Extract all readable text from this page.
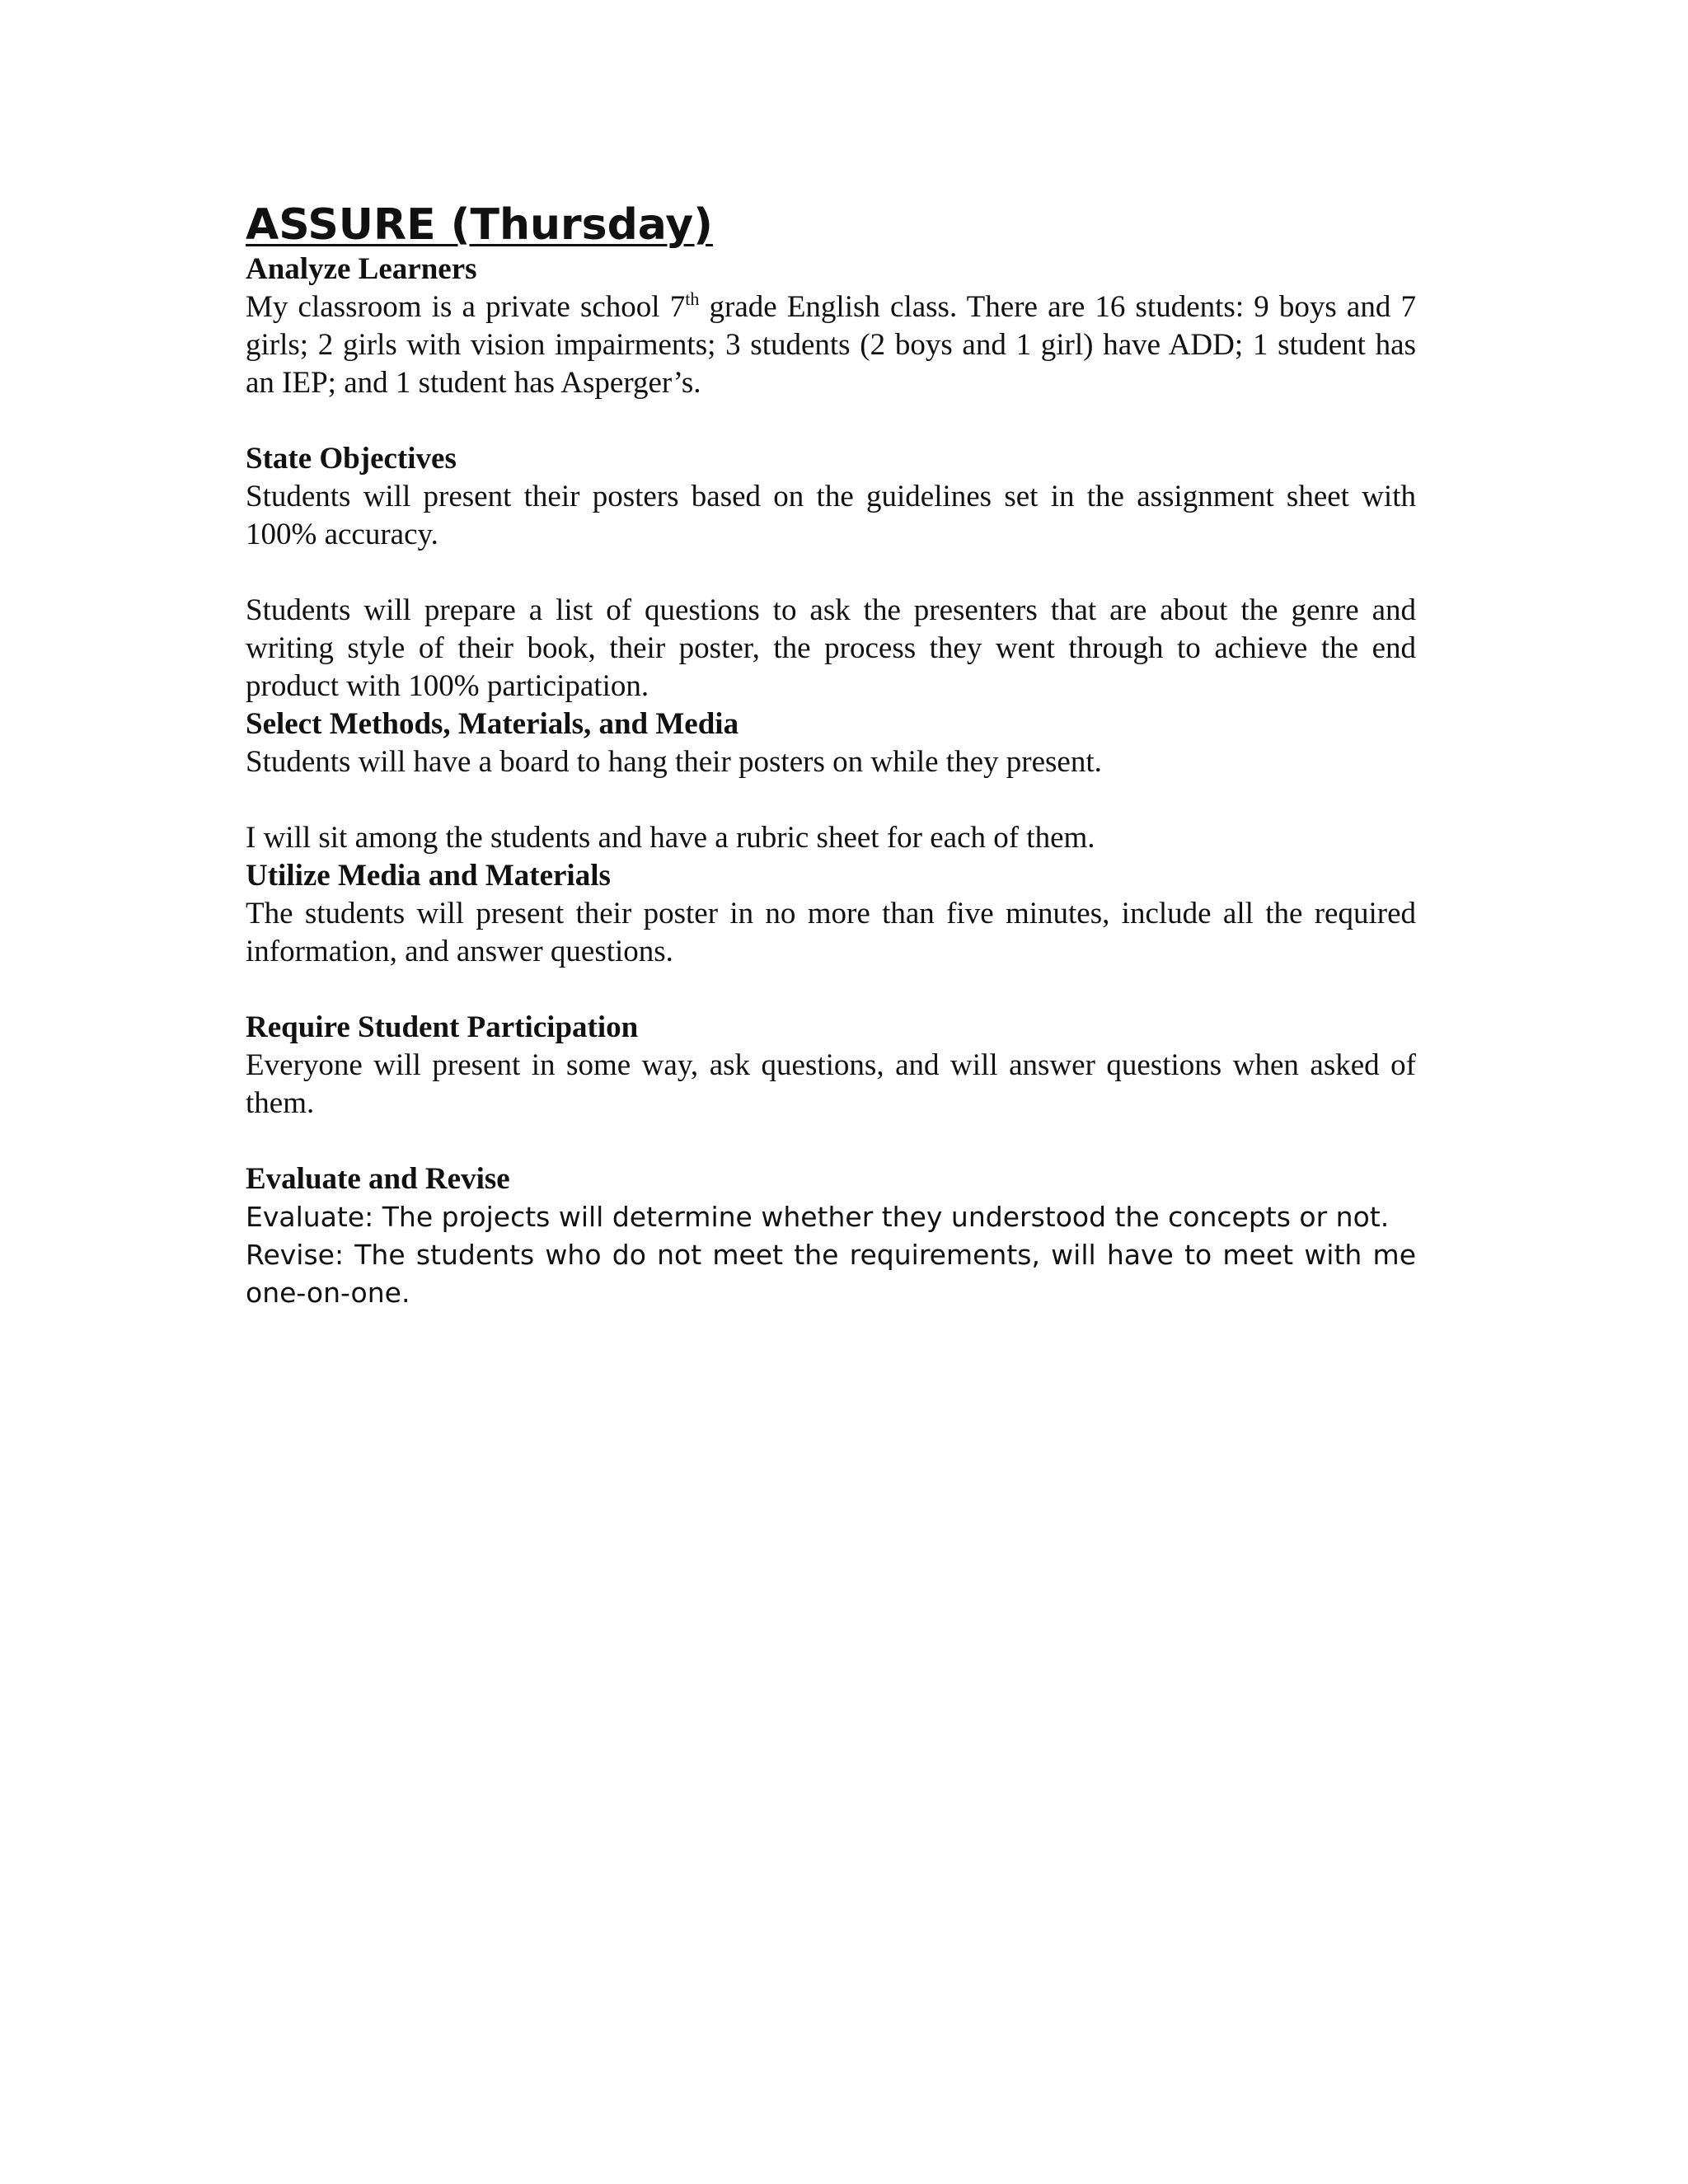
ASSURE (Thursday)
Analyze Learners

My classroom is a private school 7th grade English class. There are 16 students: 9 boys and 7 girls; 2 girls with vision impairments; 3 students (2 boys and 1 girl) have ADD; 1 student has an IEP; and 1 student has Asperger’s.

State Objectives

Students will present their posters based on the guidelines set in the assignment sheet with 100% accuracy.

Students will prepare a list of questions to ask the presenters that are about the genre and writing style of their book, their poster, the process they went through to achieve the end product with 100% participation.

Select Methods, Materials, and Media

Students will have a board to hang their posters on while they present.

I will sit among the students and have a rubric sheet for each of them.

Utilize Media and Materials

The students will present their poster in no more than five minutes, include all the required information, and answer questions.

Require Student Participation

Everyone will present in some way, ask questions, and will answer questions when asked of them.

Evaluate and Revise

Evaluate: The projects will determine whether they understood the concepts or not.

Revise: The students who do not meet the requirements, will have to meet with me one-on-one.
